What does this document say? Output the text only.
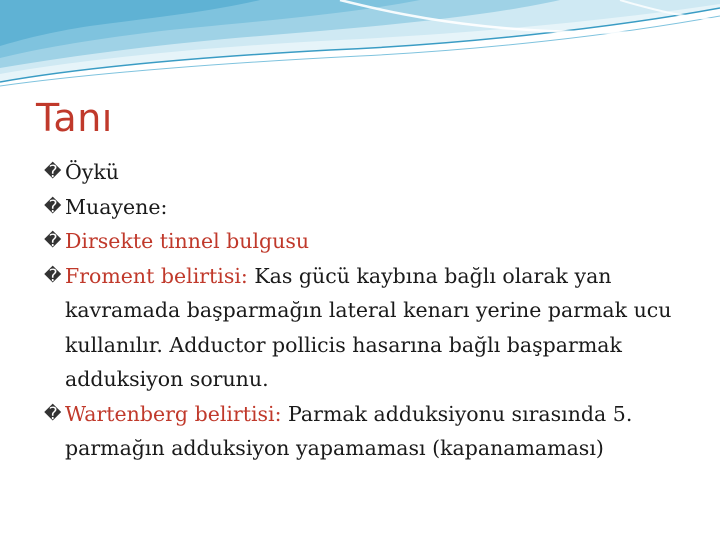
Tanı
� Öykü
� Muayene:
� Dirsekte tinnel bulgusu
� Froment belirtisi: Kas gücü kaybına bağlı olarak yan kavramada başparmağın lateral kenarı yerine parmak ucu kullanılır. Adductor pollicis hasarına bağlı başparmak adduksiyon sorunu.
� Wartenberg belirtisi: Parmak adduksiyonu sırasında 5. parmağın adduksiyon yapamaması (kapanamaması)
